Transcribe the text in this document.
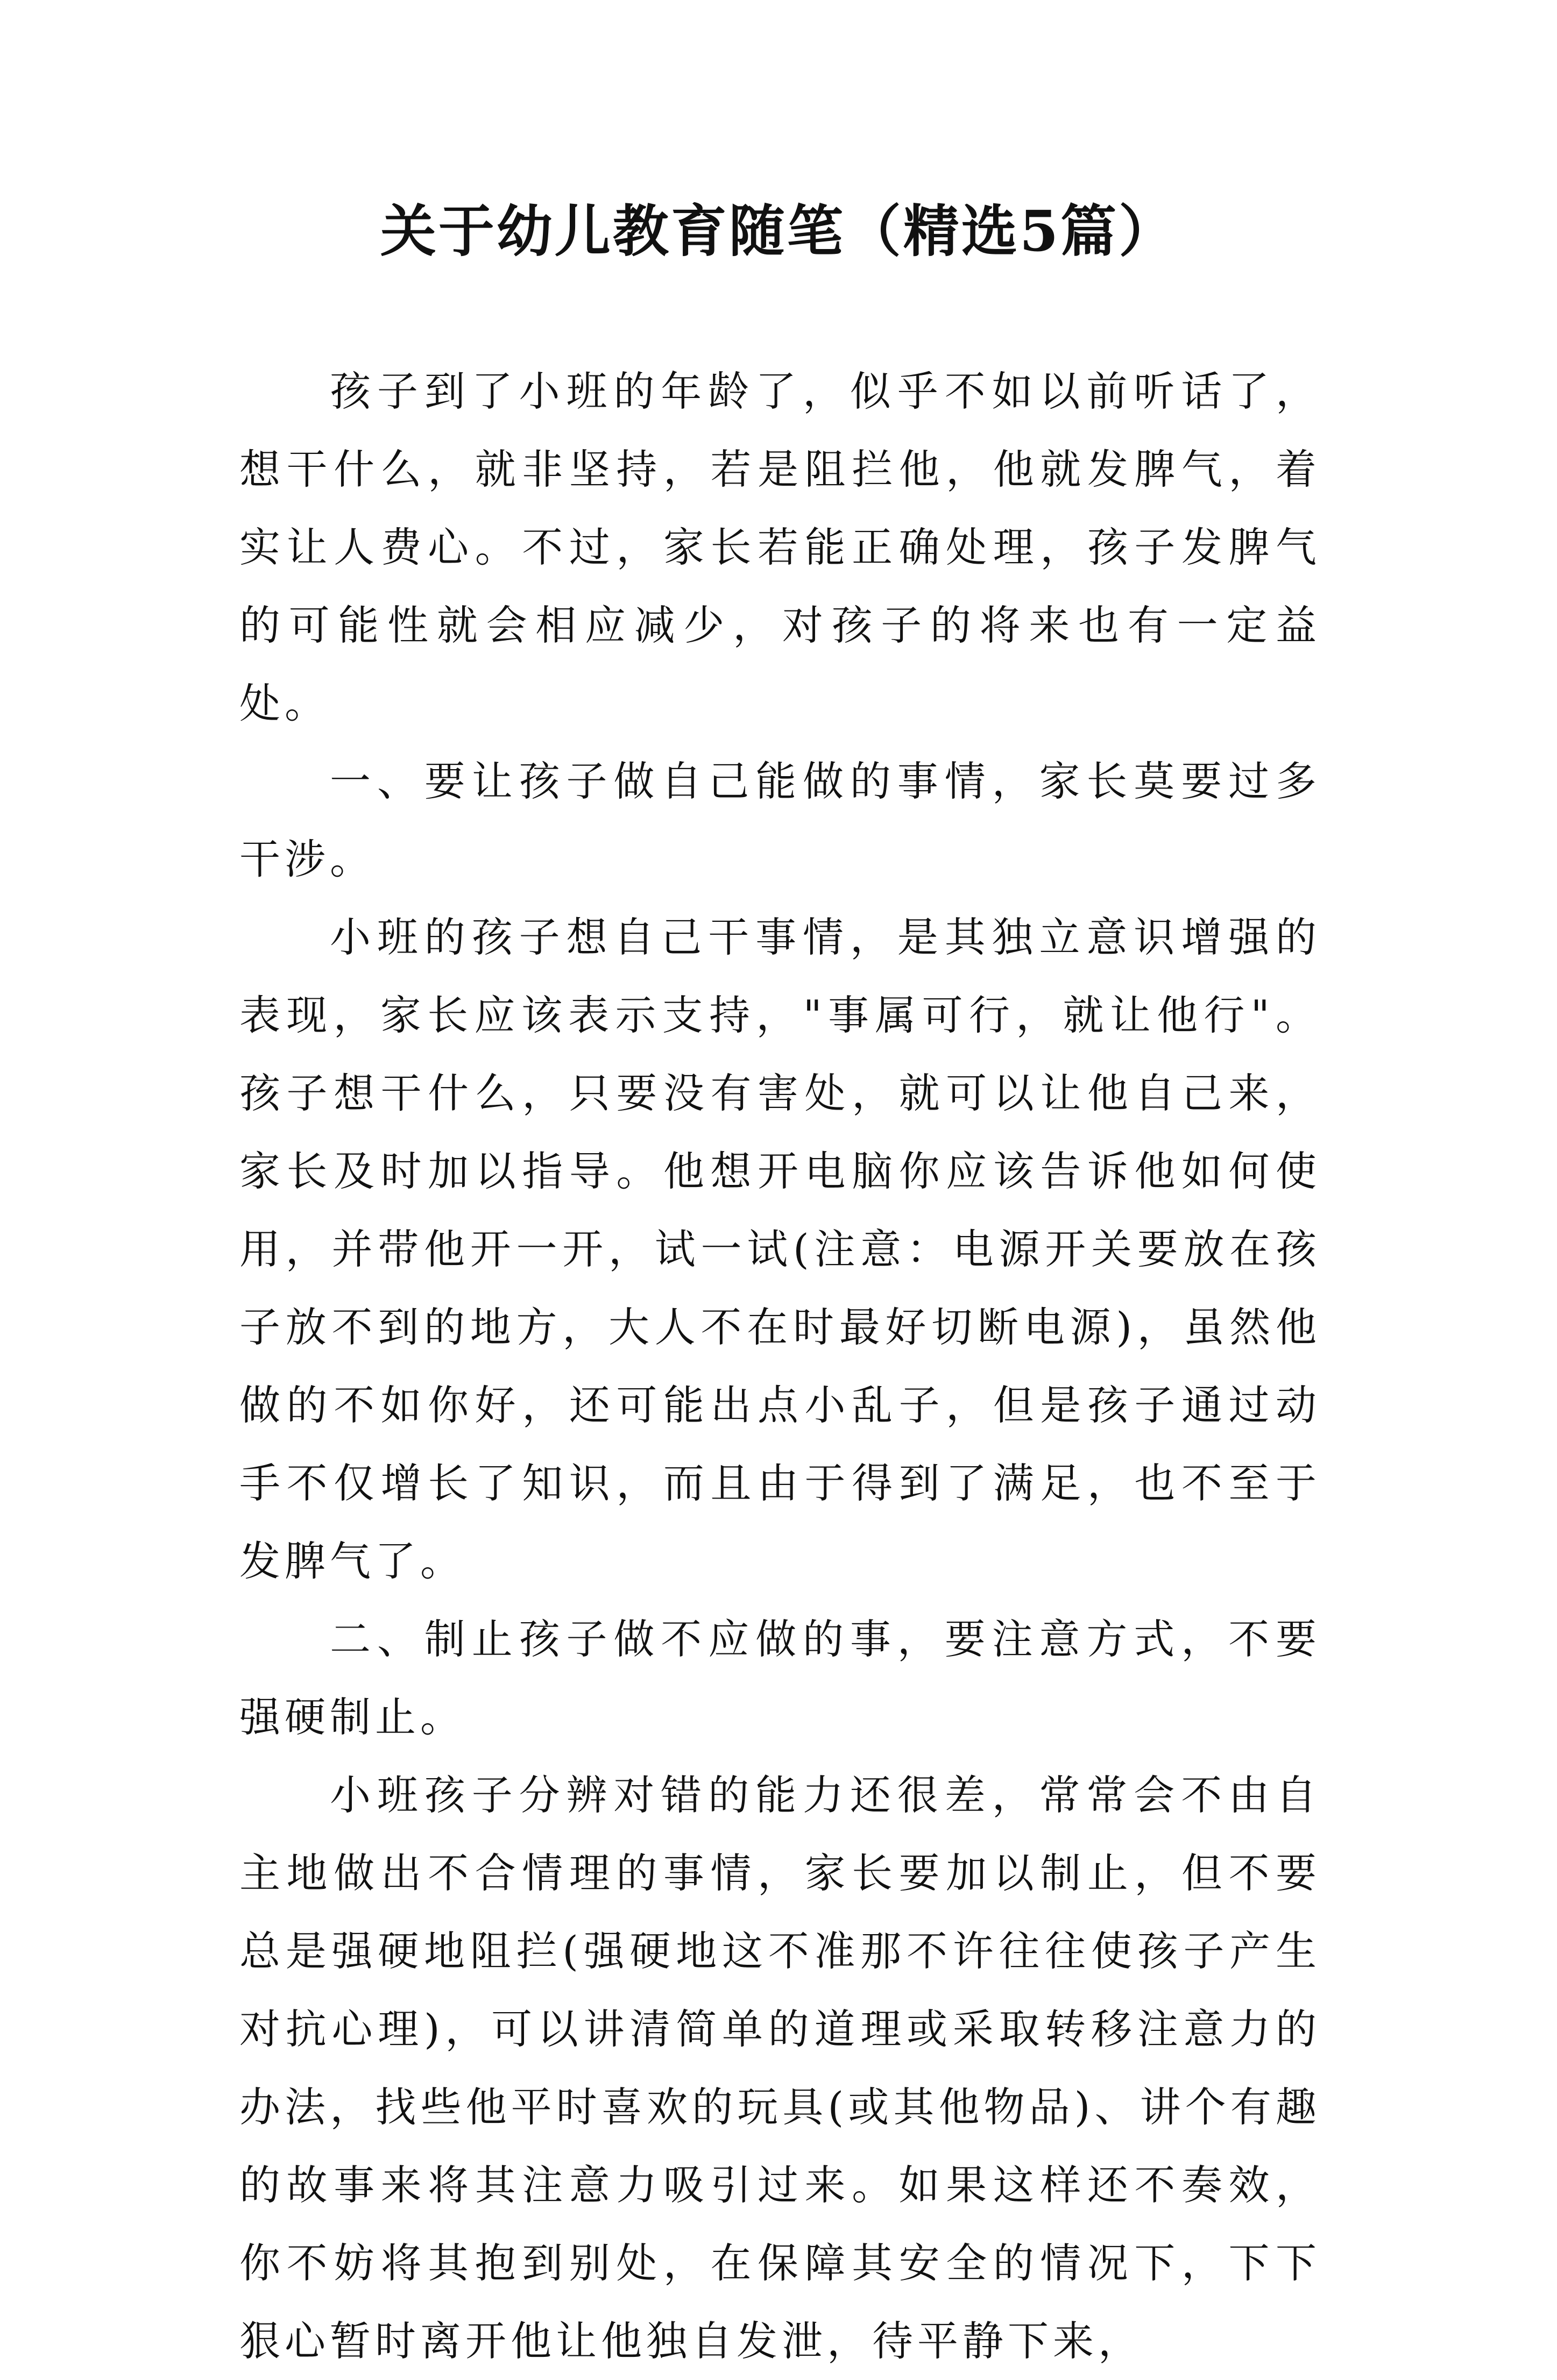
关于幼儿教育随笔（精选5篇）

孩子到了小班的年龄了，似乎不如以前听话了，想干什么，就非坚持，若是阻拦他，他就发脾气，着实让人费心。不过，家长若能正确处理，孩子发脾气的可能性就会相应减少，对孩子的将来也有一定益处。

一、要让孩子做自己能做的事情，家长莫要过多干涉。

小班的孩子想自己干事情，是其独立意识增强的表现，家长应该表示支持，"事属可行，就让他行"。孩子想干什么，只要没有害处，就可以让他自己来，家长及时加以指导。他想开电脑你应该告诉他如何使用，并带他开一开，试一试(注意：电源开关要放在孩子放不到的地方，大人不在时最好切断电源)，虽然他做的不如你好，还可能出点小乱子，但是孩子通过动手不仅增长了知识，而且由于得到了满足，也不至于发脾气了。

二、制止孩子做不应做的事，要注意方式，不要强硬制止。

小班孩子分辨对错的能力还很差，常常会不由自主地做出不合情理的事情，家长要加以制止，但不要总是强硬地阻拦(强硬地这不准那不许往往使孩子产生对抗心理)，可以讲清简单的道理或采取转移注意力的办法，找些他平时喜欢的玩具(或其他物品)、讲个有趣的故事来将其注意力吸引过来。如果这样还不奏效，你不妨将其抱到别处，在保障其安全的情况下，下下狠心暂时离开他让他独自发泄，待平静下来，
